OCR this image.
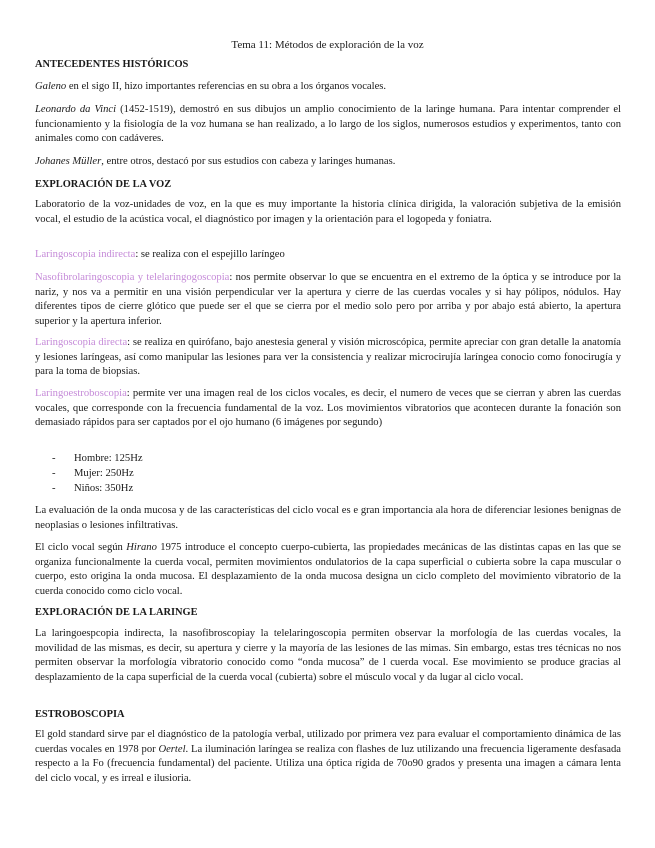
Tema 11: Métodos de exploración de la voz
ANTECEDENTES HISTÓRICOS
Galeno en el sigo II, hizo importantes referencias en su obra a los órganos vocales.
Leonardo da Vinci (1452-1519), demostró en sus dibujos un amplio conocimiento de la laringe humana. Para intentar comprender el funcionamiento y la fisiología de la voz humana se han realizado, a lo largo de los siglos, numerosos estudios y experimentos, tanto con animales como con cadáveres.
Johanes Müller, entre otros, destacó por sus estudios con cabeza y laringes humanas.
EXPLORACIÓN DE LA VOZ
Laboratorio de la voz-unidades de voz, en la que es muy importante la historia clínica dirigida, la valoración subjetiva de la emisión vocal, el estudio de la acústica vocal, el diagnóstico por imagen y la orientación para el logopeda y foniatra.
Laringoscopia indirecta: se realiza con el espejillo laríngeo
Nasofibrolaringoscopia y telelaringogoscopia: nos permite observar lo que se encuentra en el extremo de la óptica y se introduce por la nariz, y nos va a permitir en una visión perpendicular ver la apertura y cierre de las cuerdas vocales y si hay pólipos, nódulos. Hay diferentes tipos de cierre glótico que puede ser el que se cierra por el medio solo pero por arriba y por abajo está abierto, la apertura superior y la apertura inferior.
Laringoscopia directa: se realiza en quirófano, bajo anestesia general y visión microscópica, permite apreciar con gran detalle la anatomía y lesiones laríngeas, así como manipular las lesiones para ver la consistencia y realizar microcirujía laríngea conocio como fonocirugía y para la toma de biopsias.
Laringoestroboscopia: permite ver una imagen real de los ciclos vocales, es decir, el numero de veces que se cierran y abren las cuerdas vocales, que corresponde con la frecuencia fundamental de la voz. Los movimientos vibratorios que acontecen durante la fonación son demasiado rápidos para ser captados por el ojo humano (6 imágenes por segundo)
- Hombre: 125Hz
- Mujer: 250Hz
- Niños: 350Hz
La evaluación de la onda mucosa y de las características del ciclo vocal es e gran importancia ala hora de diferenciar lesiones benignas de neoplasias o lesiones infiltrativas.
El ciclo vocal según Hirano 1975 introduce el concepto cuerpo-cubierta, las propiedades mecánicas de las distintas capas en las que se organiza funcionalmente la cuerda vocal, permiten movimientos ondulatorios de la capa superficial o cubierta sobre la capa muscular o cuerpo, esto origina la onda mucosa. El desplazamiento de la onda mucosa designa un ciclo completo del movimiento vibratorio de la cuerda conocido como ciclo vocal.
EXPLORACIÓN DE LA LARINGE
La laringoespcopia indirecta, la nasofibroscopiay la telelaringoscopia permiten observar la morfología de las cuerdas vocales, la movilidad de las mismas, es decir, su apertura y cierre y la mayoría de las lesiones de las mimas. Sin embargo, estas tres técnicas no nos permiten observar la morfología vibratorio conocido como “onda mucosa” de l cuerda vocal. Ese movimiento se produce gracias al desplazamiento de la capa superficial de la cuerda vocal (cubierta) sobre el músculo vocal y da lugar al ciclo vocal.
ESTROBOSCOPIA
El gold standard sirve par el diagnóstico de la patología verbal, utilizado por primera vez para evaluar el comportamiento dinámica de las cuerdas vocales en 1978 por Oertel. La iluminación laríngea se realiza con flashes de luz utilizando una frecuencia ligeramente desfasada respecto a la Fo (frecuencia fundamental) del paciente. Utiliza una óptica rígida de 70o90 grados y presenta una imagen a cámara lenta del ciclo vocal, y es irreal e ilusioria.
